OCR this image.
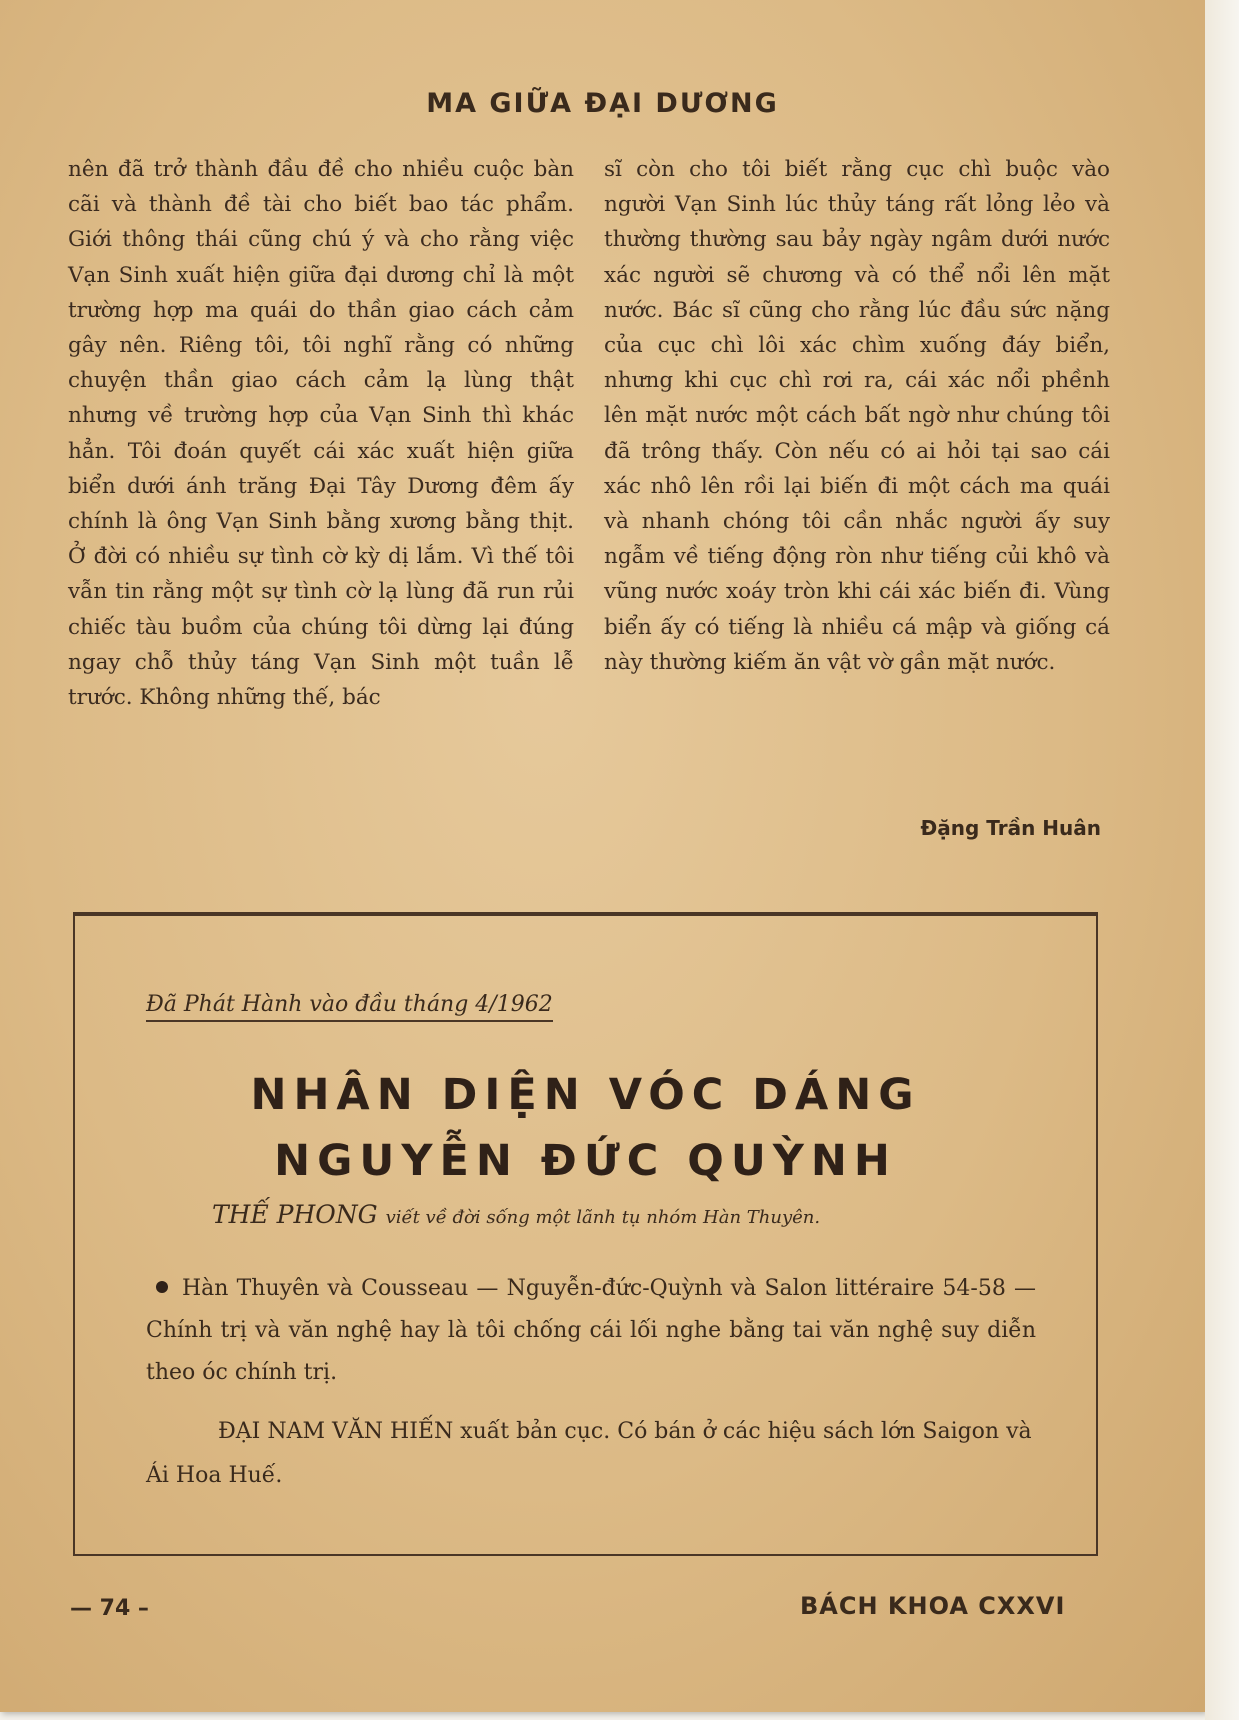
MA GIỮA ĐẠI DƯƠNG

nên đã trở thành đầu đề cho nhiều cuộc bàn cãi và thành đề tài cho biết bao tác phẩm. Giới thông thái cũng chú ý và cho rằng việc Vạn Sinh xuất hiện giữa đại dương chỉ là một trường hợp ma quái do thần giao cách cảm gây nên. Riêng tôi, tôi nghĩ rằng có những chuyện thần giao cách cảm lạ lùng thật nhưng về trường hợp của Vạn Sinh thì khác hẳn. Tôi đoán quyết cái xác xuất hiện giữa biển dưới ánh trăng Đại Tây Dương đêm ấy chính là ông Vạn Sinh bằng xương bằng thịt. Ở đời có nhiều sự tình cờ kỳ dị lắm. Vì thế tôi vẫn tin rằng một sự tình cờ lạ lùng đã run rủi chiếc tàu buồm của chúng tôi dừng lại đúng ngay chỗ thủy táng Vạn Sinh một tuần lễ trước. Không những thế, bác

sĩ còn cho tôi biết rằng cục chì buộc vào người Vạn Sinh lúc thủy táng rất lỏng lẻo và thường thường sau bảy ngày ngâm dưới nước xác người sẽ chương và có thể nổi lên mặt nước. Bác sĩ cũng cho rằng lúc đầu sức nặng của cục chì lôi xác chìm xuống đáy biển, nhưng khi cục chì rơi ra, cái xác nổi phềnh lên mặt nước một cách bất ngờ như chúng tôi đã trông thấy. Còn nếu có ai hỏi tại sao cái xác nhô lên rồi lại biến đi một cách ma quái và nhanh chóng tôi cần nhắc người ấy suy ngẫm về tiếng động ròn như tiếng củi khô và vũng nước xoáy tròn khi cái xác biến đi. Vùng biển ấy có tiếng là nhiều cá mập và giống cá này thường kiếm ăn vật vờ gần mặt nước.

Đặng Trần Huân
Đã Phát Hành vào đầu tháng 4/1962
NHÂN DIỆN VÓC DÁNG
NGUYỄN ĐỨC QUỲNH
THẾ PHONG viết về đời sống một lãnh tụ nhóm Hàn Thuyên.
Hàn Thuyên và Cousseau — Nguyễn-đức-Quỳnh và Salon littéraire 54-58 — Chính trị và văn nghệ hay là tôi chống cái lối nghe bằng tai văn nghệ suy diễn theo óc chính trị.
ĐẠI NAM VĂN HIẾN xuất bản cục. Có bán ở các hiệu sách lớn Saigon và Ái Hoa Huế.
— 74 –	BÁCH KHOA CXXVI
